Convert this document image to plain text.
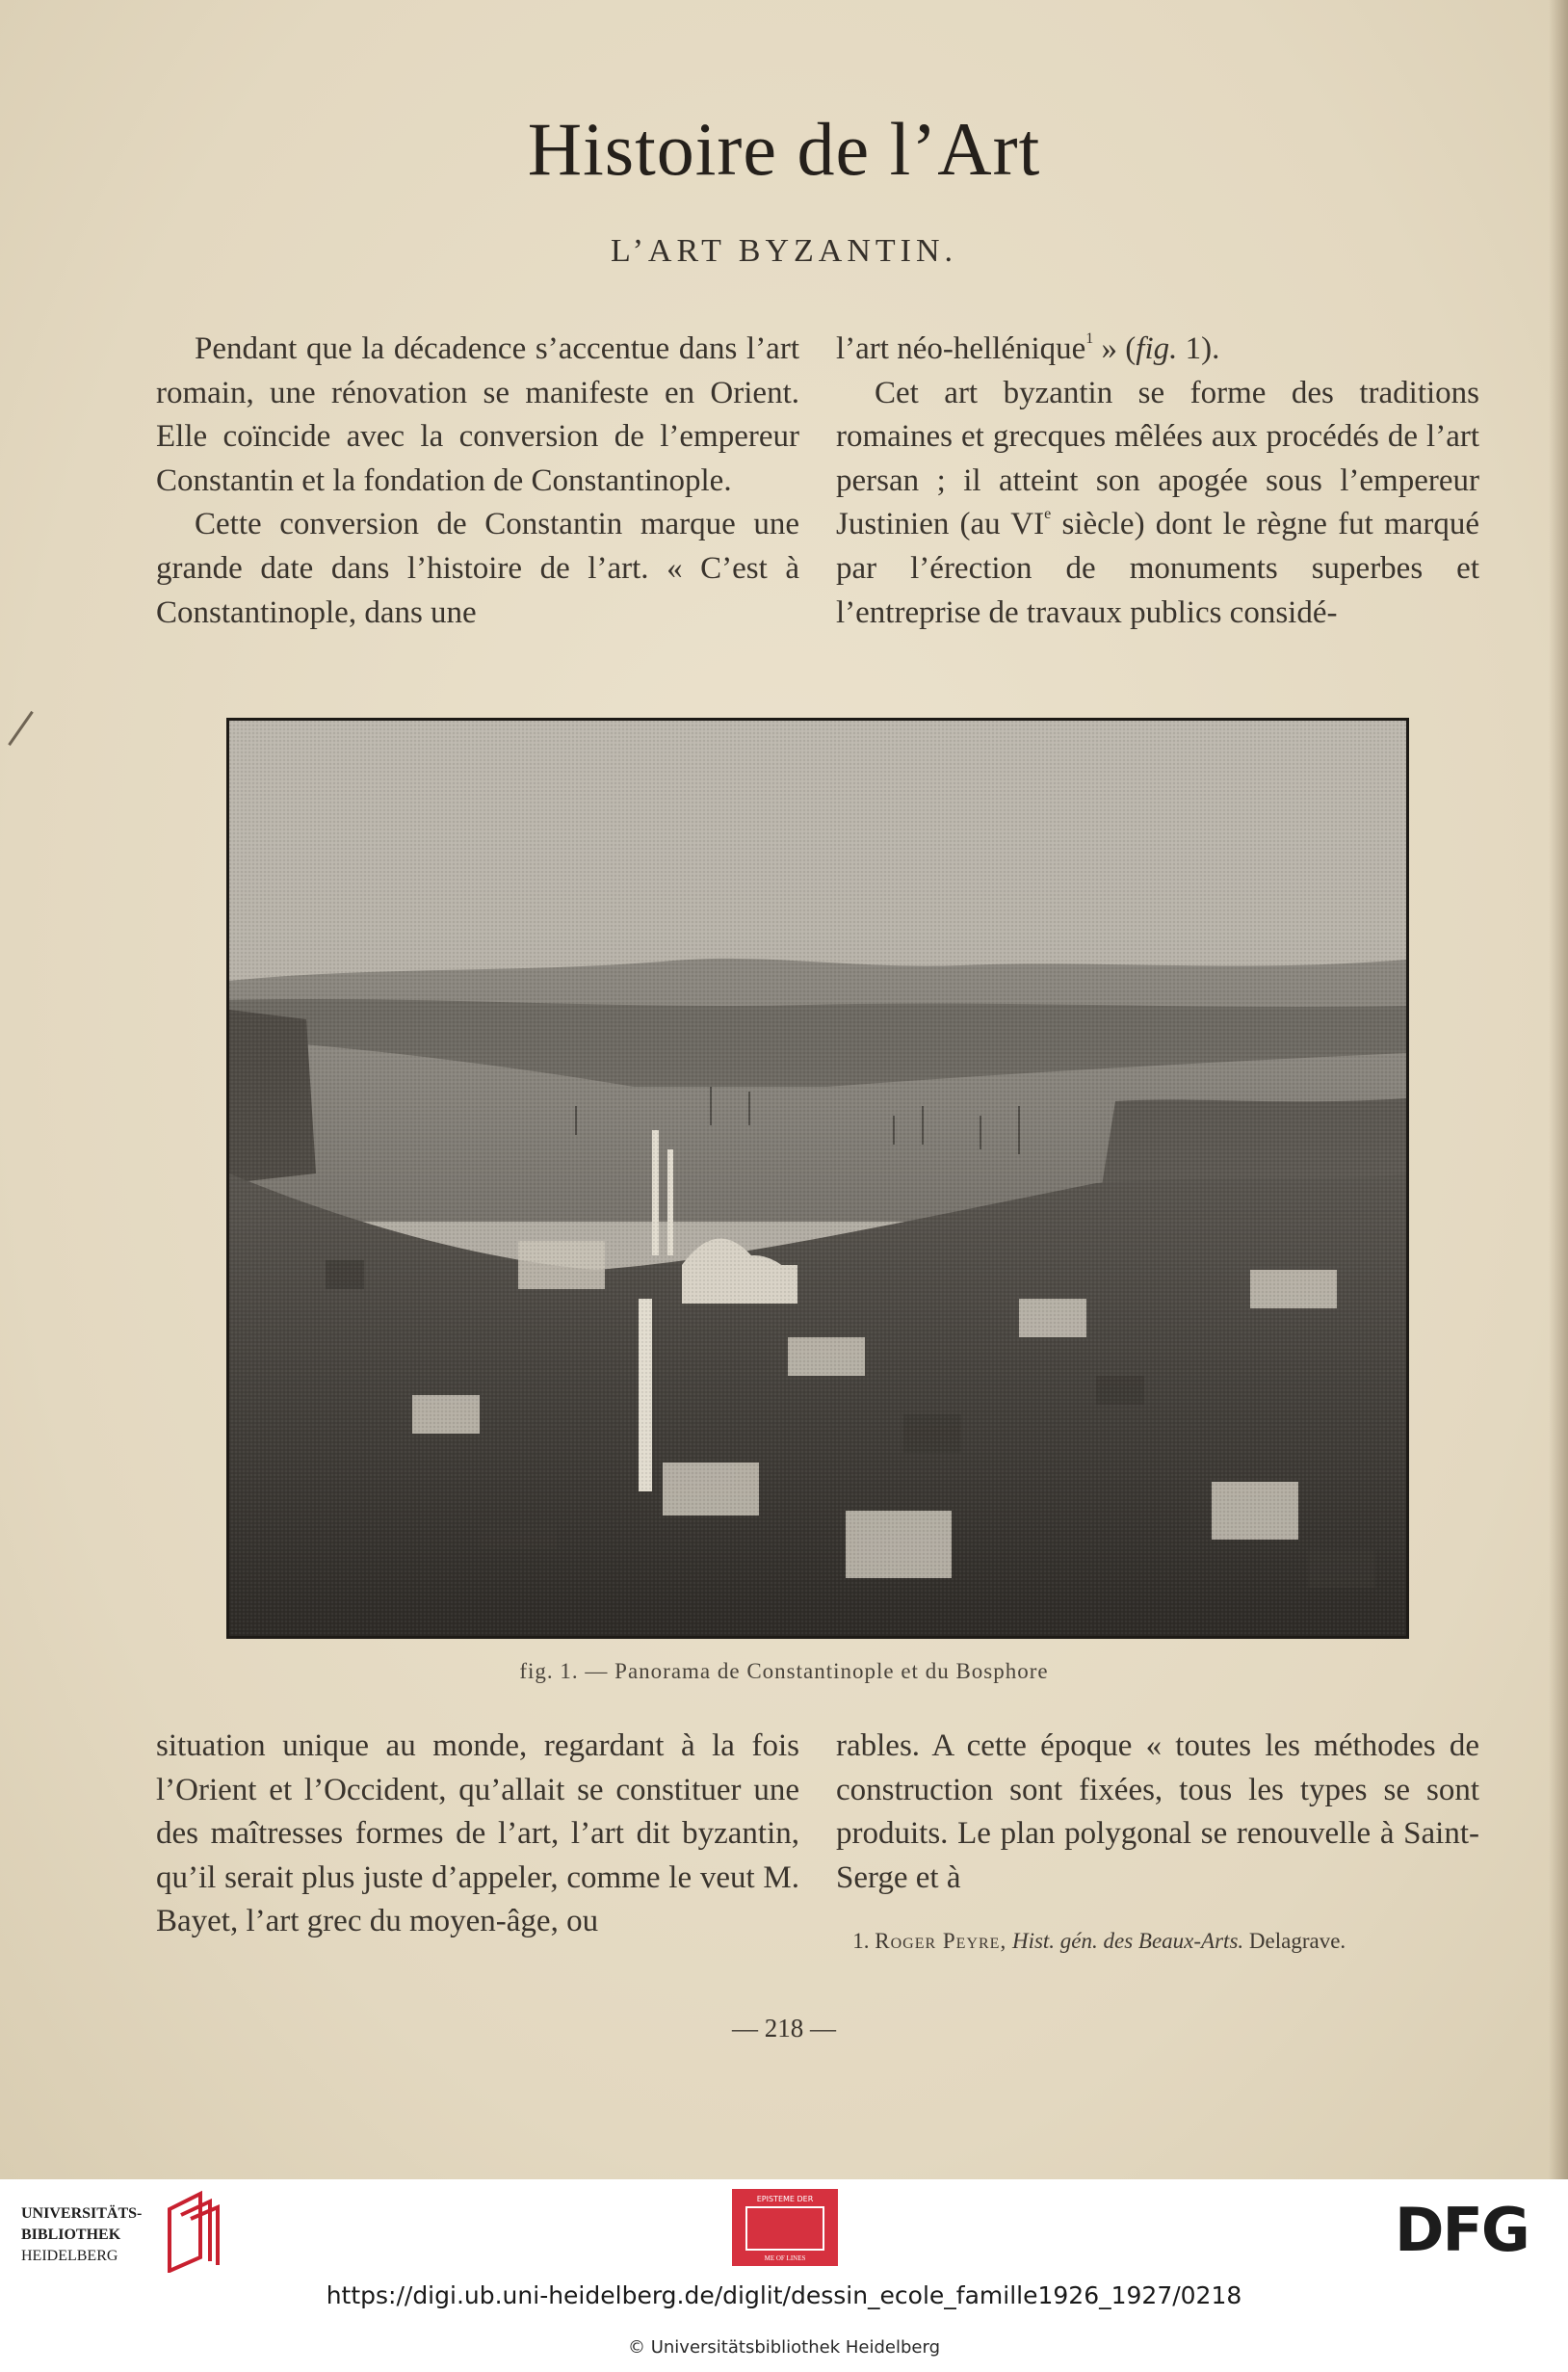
Histoire de l’Art
L’ART BYZANTIN.

Pendant que la décadence s’accentue dans l’art romain, une rénovation se manifeste en Orient. Elle coïncide avec la conversion de l’empereur Constantin et la fondation de Constantinople.

Cette conversion de Constantin marque une grande date dans l’histoire de l’art. « C’est à Constantinople, dans une

l’art néo-hellénique$^1$ » (fig. 1).

Cet art byzantin se forme des traditions romaines et grecques mêlées aux procédés de l’art persan ; il atteint son apogée sous l’empereur Justinien (au VIe siècle) dont le règne fut marqué par l’érection de monuments superbes et l’entreprise de travaux publics considé-

fig. 1. — Panorama de Constantinople et du Bosphore

situation unique au monde, regardant à la fois l’Orient et l’Occident, qu’allait se constituer une des maîtresses formes de l’art, l’art dit byzantin, qu’il serait plus juste d’appeler, comme le veut M. Bayet, l’art grec du moyen-âge, ou

rables. A cette époque « toutes les méthodes de construction sont fixées, tous les types se sont produits. Le plan polygonal se renouvelle à Saint-Serge et à

1. Roger Peyre, Hist. gén. des Beaux-Arts. Delagrave.
— 218 —
UNIVERSITÄTS-
BIBLIOTHEK
HEIDELBERG
EPISTEME DER
ME OF LINES	DFG
https://digi.ub.uni-heidelberg.de/diglit/dessin_ecole_famille1926_1927/0218
© Universitätsbibliothek Heidelberg
